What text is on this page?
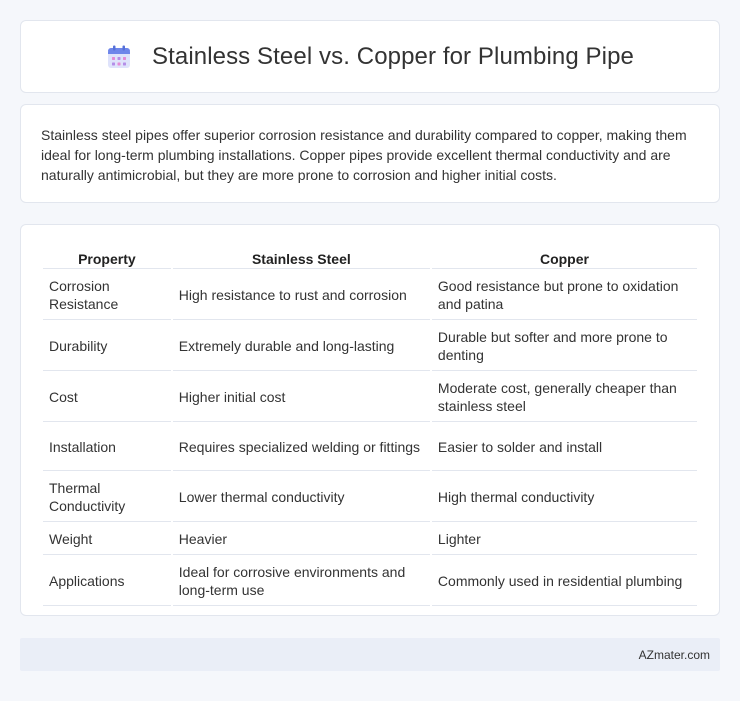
Stainless Steel vs. Copper for Plumbing Pipe

Stainless steel pipes offer superior corrosion resistance and durability compared to copper, making them ideal for long-term plumbing installations. Copper pipes provide excellent thermal conductivity and are naturally antimicrobial, but they are more prone to corrosion and higher initial costs.

Property	Stainless Steel	Copper
Corrosion Resistance	High resistance to rust and corrosion	Good resistance but prone to oxidation and patina
Durability	Extremely durable and long-lasting	Durable but softer and more prone to denting
Cost	Higher initial cost	Moderate cost, generally cheaper than stainless steel
Installation	Requires specialized welding or fittings	Easier to solder and install
Thermal Conductivity	Lower thermal conductivity	High thermal conductivity
Weight	Heavier	Lighter
Applications	Ideal for corrosive environments and long-term use	Commonly used in residential plumbing
AZmater.com
